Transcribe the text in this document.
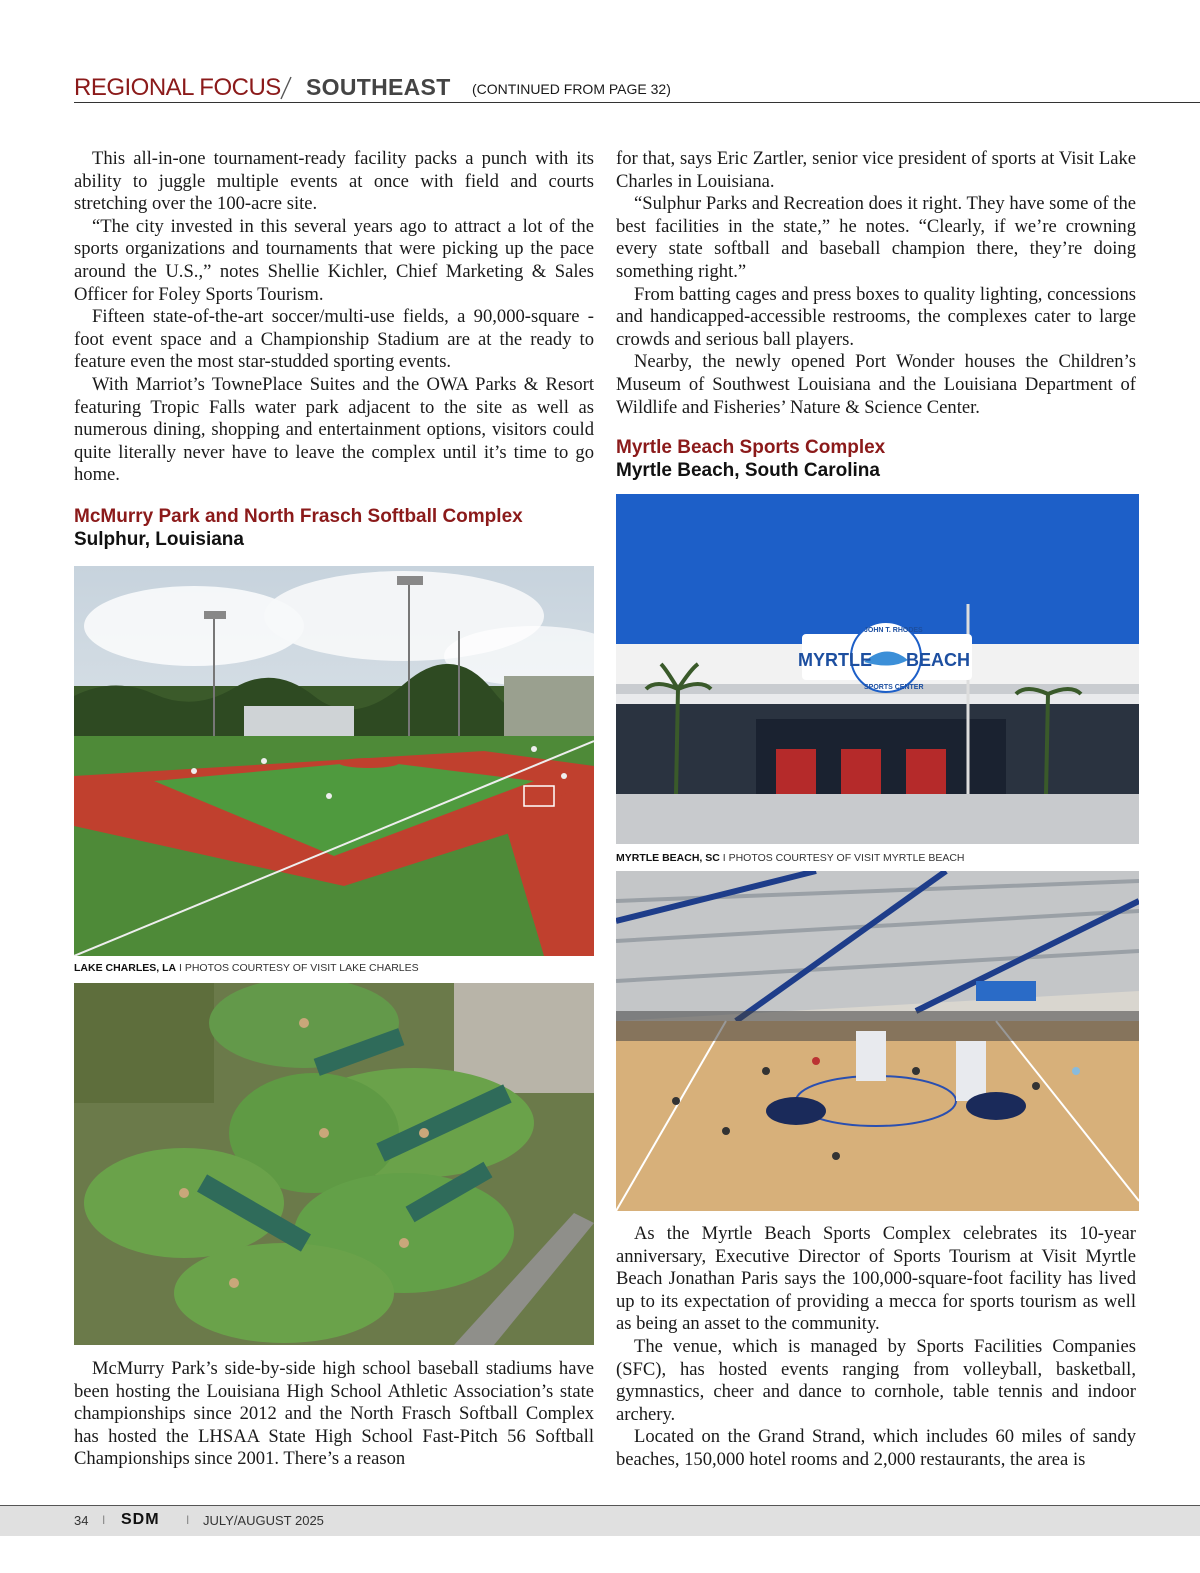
REGIONAL FOCUS SOUTHEAST (CONTINUED FROM PAGE 32)

This all-in-one tournament-ready facility packs a punch with its ability to juggle multiple events at once with field and courts stretching over the 100-acre site.

“The city invested in this several years ago to attract a lot of the sports organizations and tournaments that were picking up the pace around the U.S.,” notes Shellie Kichler, Chief Marketing & Sales Officer for Foley Sports Tourism.

Fifteen state-of-the-art soccer/multi-use fields, a 90,000-square -foot event space and a Championship Stadium are at the ready to feature even the most star-studded sporting events.

With Marriot’s TownePlace Suites and the OWA Parks & Resort featuring Tropic Falls water park adjacent to the site as well as numerous dining, shopping and entertainment options, visitors could quite literally never have to leave the complex until it’s time to go home.

McMurry Park and North Frasch Softball Complex
Sulphur, Louisiana
LAKE CHARLES, LA I PHOTOS COURTESY OF VISIT LAKE CHARLES

McMurry Park’s side-by-side high school baseball stadiums have been hosting the Louisiana High School Athletic Association’s state championships since 2012 and the North Frasch Softball Complex has hosted the LHSAA State High School Fast-Pitch 56 Softball Championships since 2001. There’s a reason

for that, says Eric Zartler, senior vice president of sports at Visit Lake Charles in Louisiana.

“Sulphur Parks and Recreation does it right. They have some of the best facilities in the state,” he notes. “Clearly, if we’re crowning every state softball and baseball champion there, they’re doing something right.”

From batting cages and press boxes to quality lighting, concessions and handicapped-accessible restrooms, the complexes cater to large crowds and serious ball players.

Nearby, the newly opened Port Wonder houses the Children’s Museum of Southwest Louisiana and the Louisiana Department of Wildlife and Fisheries’ Nature & Science Center.

Myrtle Beach Sports Complex
Myrtle Beach, South Carolina
MYRTLE BEACH
JOHN T. RHODES
SPORTS CENTER
MYRTLE BEACH, SC I PHOTOS COURTESY OF VISIT MYRTLE BEACH

As the Myrtle Beach Sports Complex celebrates its 10-year anniversary, Executive Director of Sports Tourism at Visit Myrtle Beach Jonathan Paris says the 100,000-square-foot facility has lived up to its expectation of providing a mecca for sports tourism as well as being an asset to the community.

The venue, which is managed by Sports Facilities Companies (SFC), has hosted events ranging from volleyball, basketball, gymnastics, cheer and dance to cornhole, table tennis and indoor archery.

Located on the Grand Strand, which includes 60 miles of sandy beaches, 150,000 hotel rooms and 2,000 restaurants, the area is

34 I SDM I JULY/AUGUST 2025
